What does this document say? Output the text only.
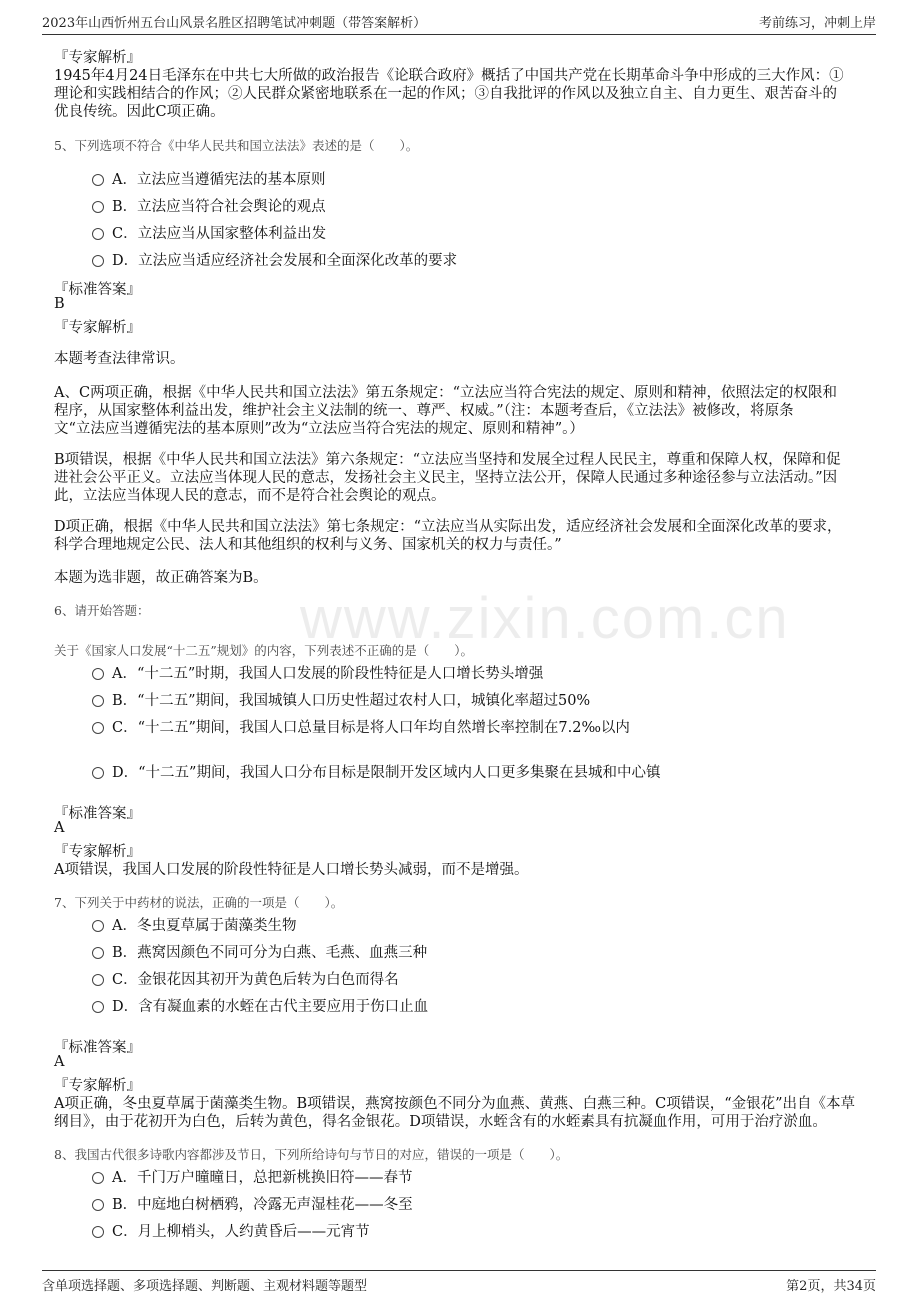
2023年山西忻州五台山风景名胜区招聘笔试冲刺题（带答案解析）	考前练习，冲刺上岸
www.zixin.com.cn
『专家解析』
1945年4月24日毛泽东在中共七大所做的政治报告《论联合政府》概括了中国共产党在长期革命斗争中形成的三大作风：①
理论和实践相结合的作风；②人民群众紧密地联系在一起的作风；③自我批评的作风以及独立自主、自力更生、艰苦奋斗的
优良传统。因此C项正确。
5、下列选项不符合《中华人民共和国立法法》表述的是（　　）。
A．立法应当遵循宪法的基本原则
B．立法应当符合社会舆论的观点
C．立法应当从国家整体利益出发
D．立法应当适应经济社会发展和全面深化改革的要求
『标准答案』
B
『专家解析』
本题考查法律常识。
A、C两项正确，根据《中华人民共和国立法法》第五条规定：“立法应当符合宪法的规定、原则和精神，依照法定的权限和
程序，从国家整体利益出发，维护社会主义法制的统一、尊严、权威。”（注：本题考查后，《立法法》被修改，将原条
文“立法应当遵循宪法的基本原则”改为“立法应当符合宪法的规定、原则和精神”。）
B项错误，根据《中华人民共和国立法法》第六条规定：“立法应当坚持和发展全过程人民民主，尊重和保障人权，保障和促
进社会公平正义。立法应当体现人民的意志，发扬社会主义民主，坚持立法公开，保障人民通过多种途径参与立法活动。”因
此，立法应当体现人民的意志，而不是符合社会舆论的观点。
D项正确，根据《中华人民共和国立法法》第七条规定：“立法应当从实际出发，适应经济社会发展和全面深化改革的要求，
科学合理地规定公民、法人和其他组织的权利与义务、国家机关的权力与责任。”
本题为选非题，故正确答案为B。
6、请开始答题：
关于《国家人口发展“十二五”规划》的内容，下列表述不正确的是（　　）。
A．“十二五”时期，我国人口发展的阶段性特征是人口增长势头增强
B．“十二五”期间，我国城镇人口历史性超过农村人口，城镇化率超过50%
C．“十二五”期间，我国人口总量目标是将人口年均自然增长率控制在7.2‰以内
D．“十二五”期间，我国人口分布目标是限制开发区域内人口更多集聚在县城和中心镇
『标准答案』
A
『专家解析』
A项错误，我国人口发展的阶段性特征是人口增长势头减弱，而不是增强。
7、下列关于中药材的说法，正确的一项是（　　）。
A．冬虫夏草属于菌藻类生物
B．燕窝因颜色不同可分为白燕、毛燕、血燕三种
C．金银花因其初开为黄色后转为白色而得名
D．含有凝血素的水蛭在古代主要应用于伤口止血
『标准答案』
A
『专家解析』
A项正确，冬虫夏草属于菌藻类生物。B项错误，燕窝按颜色不同分为血燕、黄燕、白燕三种。C项错误，“金银花”出自《本草
纲目》，由于花初开为白色，后转为黄色，得名金银花。D项错误，水蛭含有的水蛭素具有抗凝血作用，可用于治疗淤血。
8、我国古代很多诗歌内容都涉及节日，下列所给诗句与节日的对应，错误的一项是（　　）。
A．千门万户曈曈日，总把新桃换旧符——春节
B．中庭地白树栖鸦，冷露无声湿桂花——冬至
C．月上柳梢头，人约黄昏后——元宵节
含单项选择题、多项选择题、判断题、主观材料题等题型	第2页，共34页
